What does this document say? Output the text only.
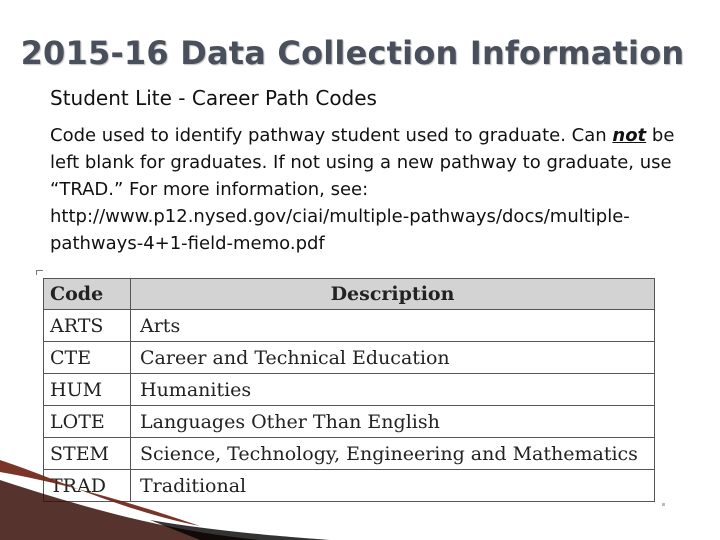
2015-16 Data Collection Information
Student Lite - Career Path Codes
Code used to identify pathway student used to graduate. Can not be left blank for graduates. If not using a new pathway to graduate, use “TRAD.” For more information, see: http://www.p12.nysed.gov/ciai/multiple-pathways/docs/multiple-pathways-4+1-field-memo.pdf
Code	Description
ARTS	Arts
CTE	Career and Technical Education
HUM	Humanities
LOTE	Languages Other Than English
STEM	Science, Technology, Engineering and Mathematics
TRAD	Traditional
